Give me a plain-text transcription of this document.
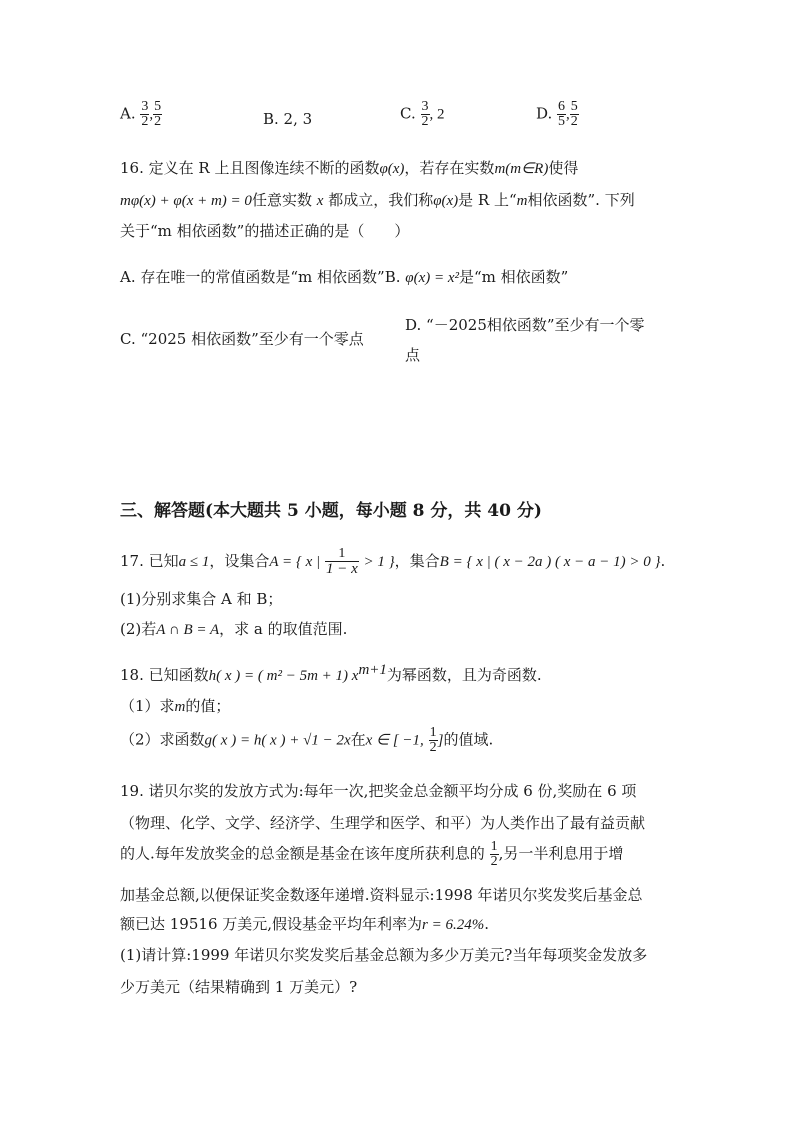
A. $\frac{3}{2}$ , $\frac{5}{2}$	B. 2, 3	C. $\frac{3}{2}$ , 2	D. $\frac{6}{5}$ , $\frac{5}{2}$
16. 定义在 R 上且图像连续不断的函数φ(x)，若存在实数m(m∈R)使得
mφ(x) + φ(x + m) = 0任意实数 x 都成立，我们称φ(x)是 R 上“m相依函数”. 下列
关于“m 相依函数”的描述正确的是（　　）
A. 存在唯一的常值函数是“m 相依函数”B. φ(x) = x²是“m 相依函数”
C. “2025 相依函数”至少有一个零点
D. “－2025相依函数”至少有一个零
点
三、解答题(本大题共 5 小题，每小题 8 分，共 40 分)
17. 已知a ≤ 1，设集合A = { x | $\frac{1}{1 - x} > 1$ }，集合B = { x | ( x − 2a ) ( x − a − 1) > 0 }.
(1)分别求集合 A 和 B；
(2)若A ∩ B = A，求 a 的取值范围.
18. 已知函数h( x ) = ( m² − 5m + 1) $x^{m+1}$为幂函数，且为奇函数.
（1）求m的值；
（2）求函数g( x ) = h( x ) + √1 − 2x在x ∈ [ −1, $\frac{1}{2}$ ]的值域.
19. 诺贝尔奖的发放方式为:每年一次,把奖金总金额平均分成 6 份,奖励在 6 项
（物理、化学、文学、经济学、生理学和医学、和平）为人类作出了最有益贡献
的人.每年发放奖金的总金额是基金在该年度所获利息的 $\frac{1}{2}$ ,另一半利息用于增
加基金总额,以便保证奖金数逐年递增.资料显示:1998 年诺贝尔奖发奖后基金总
额已达 19516 万美元,假设基金平均年利率为r = 6.24%.
(1)请计算:1999 年诺贝尔奖发奖后基金总额为多少万美元?当年每项奖金发放多
少万美元（结果精确到 1 万美元）?
